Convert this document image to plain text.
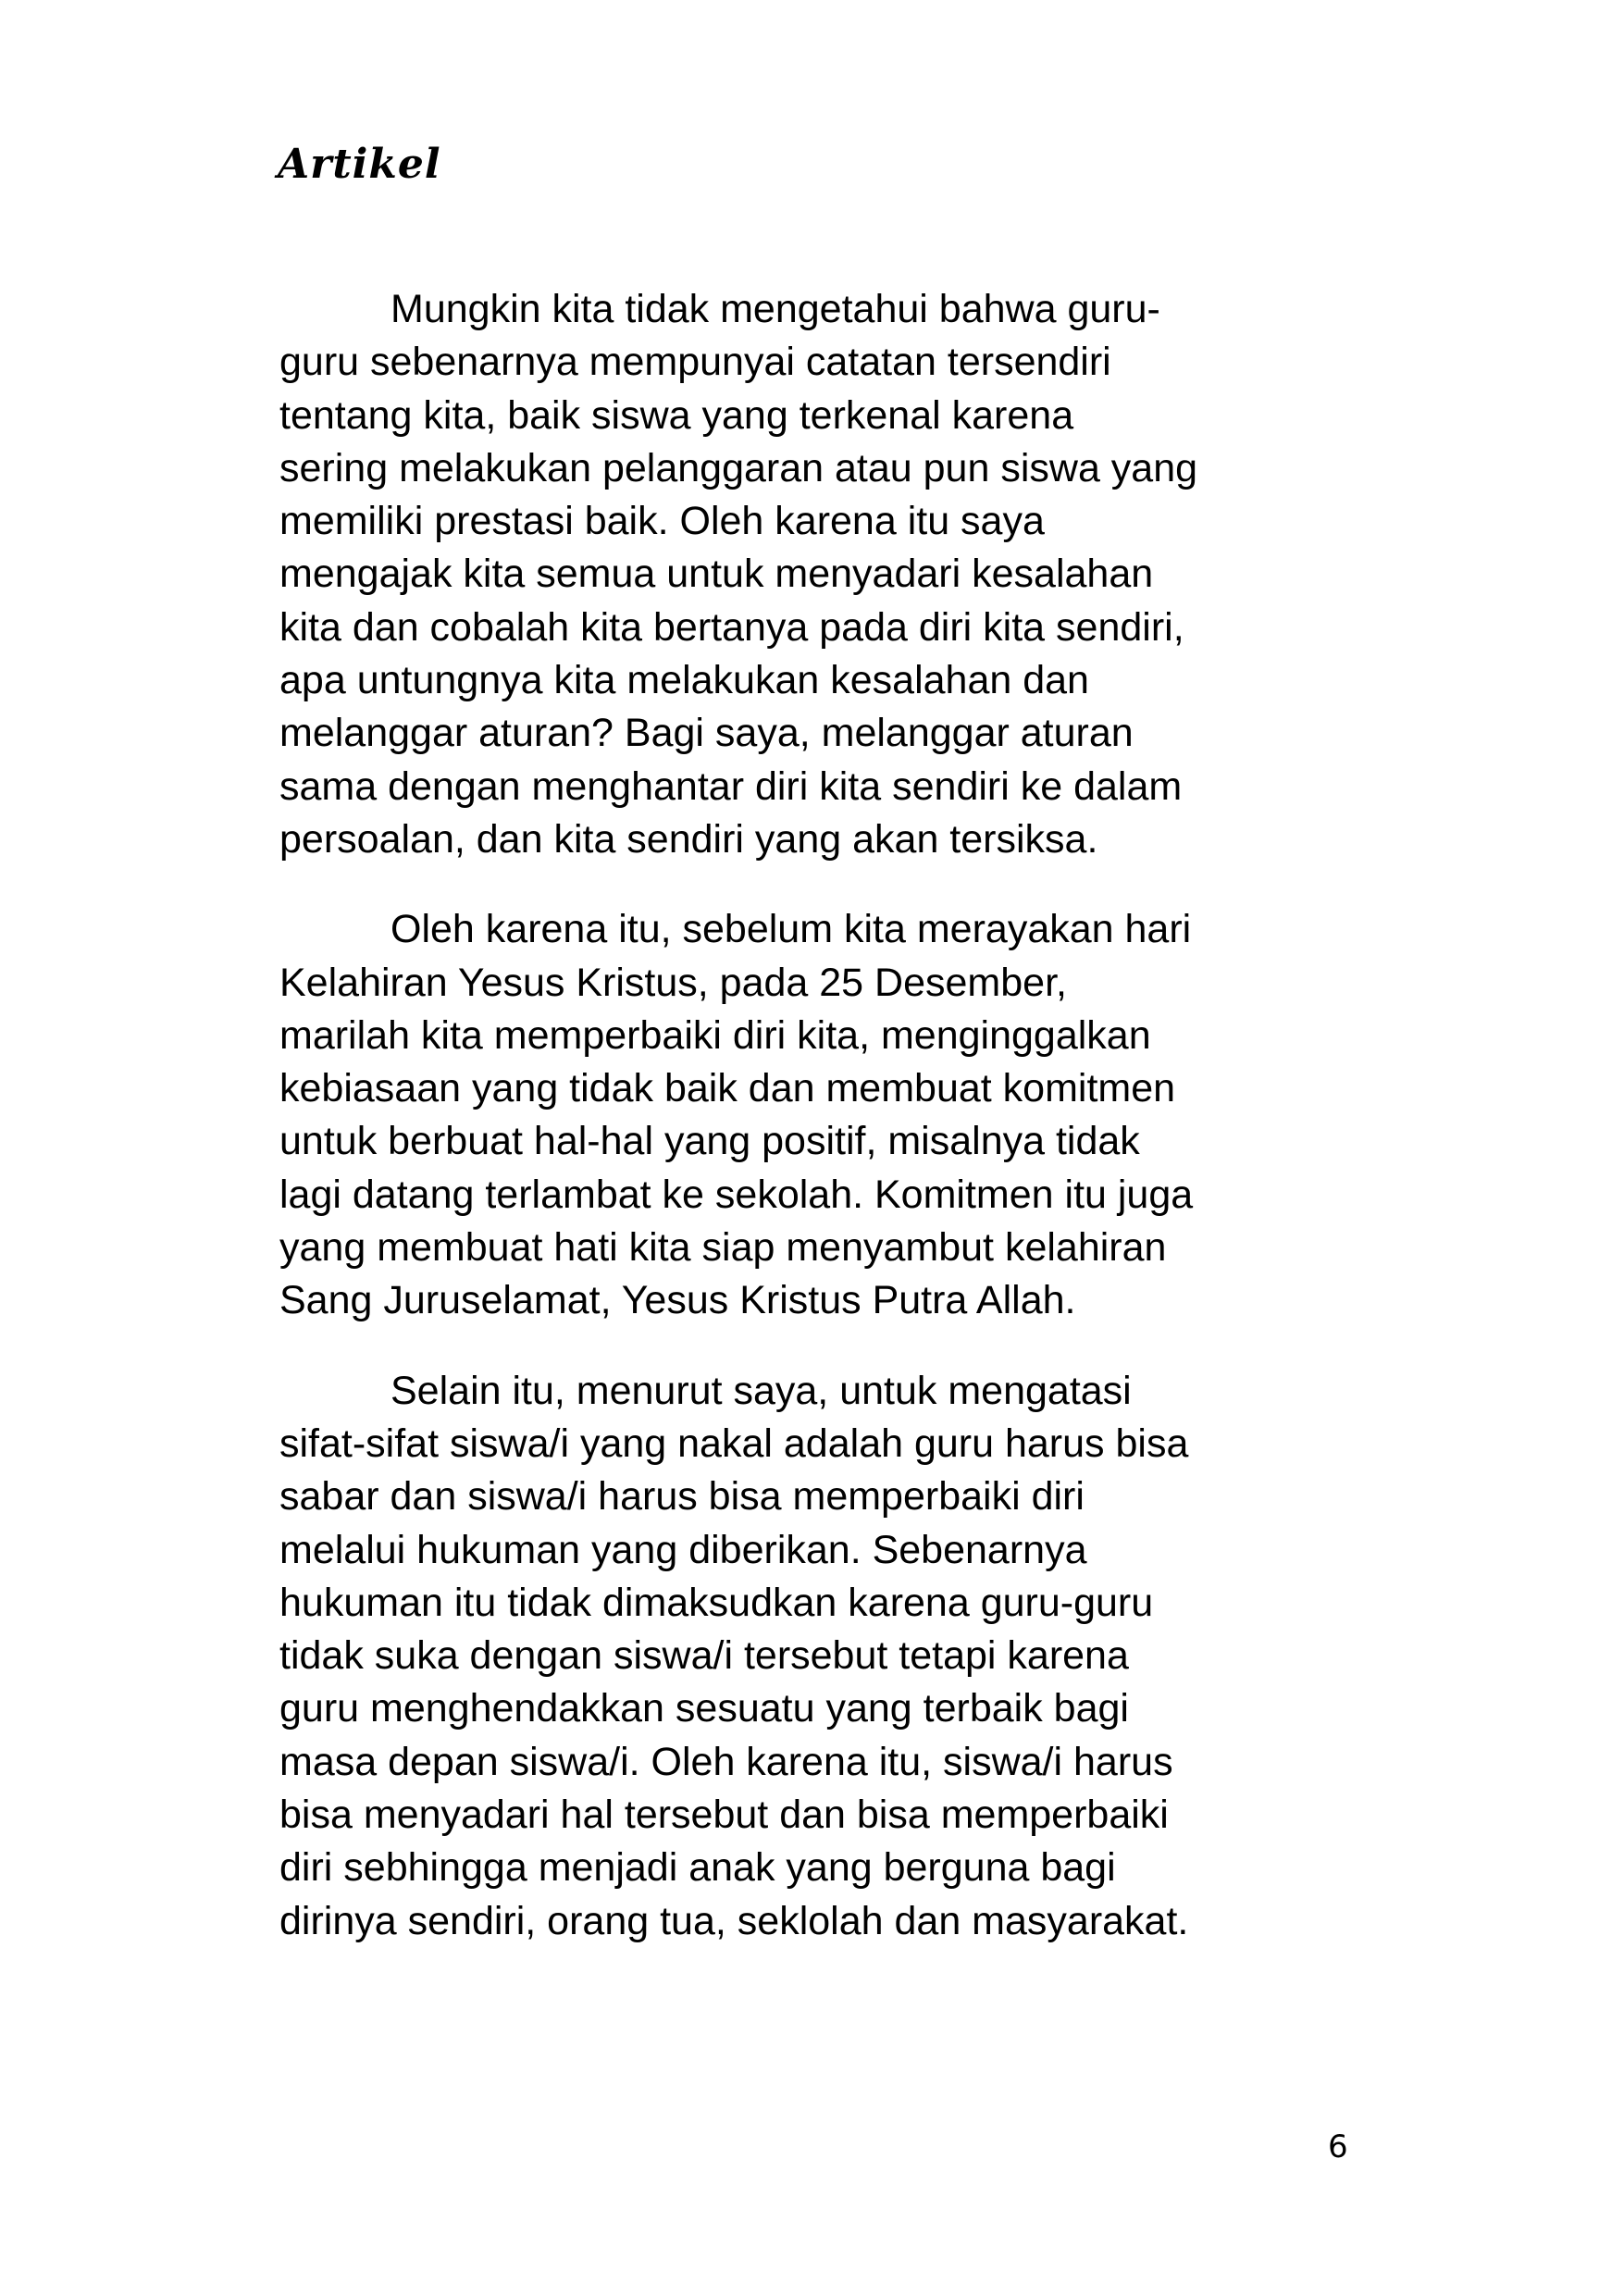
Artikel

Mungkin kita tidak mengetahui bahwa guru-
guru sebenarnya mempunyai catatan tersendiri
tentang kita, baik siswa yang terkenal karena
sering melakukan pelanggaran atau pun siswa yang
memiliki prestasi baik. Oleh karena itu saya
mengajak kita semua untuk menyadari kesalahan
kita dan cobalah kita bertanya pada diri kita sendiri,
apa untungnya kita melakukan kesalahan dan
melanggar aturan? Bagi saya, melanggar aturan
sama dengan menghantar diri kita sendiri ke dalam
persoalan, dan kita sendiri yang akan tersiksa.

Oleh karena itu, sebelum kita merayakan hari
Kelahiran Yesus Kristus, pada 25 Desember,
marilah kita memperbaiki diri kita, menginggalkan
kebiasaan yang tidak baik dan membuat komitmen
untuk berbuat hal-hal yang positif, misalnya tidak
lagi datang terlambat ke sekolah. Komitmen itu juga
yang membuat hati kita siap menyambut kelahiran
Sang Juruselamat, Yesus Kristus Putra Allah.

Selain itu, menurut saya, untuk mengatasi
sifat-sifat siswa/i yang nakal adalah guru harus bisa
sabar dan siswa/i harus bisa memperbaiki diri
melalui hukuman yang diberikan. Sebenarnya
hukuman itu tidak dimaksudkan karena guru-guru
tidak suka dengan siswa/i tersebut tetapi karena
guru menghendakkan sesuatu yang terbaik bagi
masa depan siswa/i. Oleh karena itu, siswa/i harus
bisa menyadari hal tersebut dan bisa memperbaiki
diri sebhingga menjadi anak yang berguna bagi
dirinya sendiri, orang tua, seklolah dan masyarakat.

6
